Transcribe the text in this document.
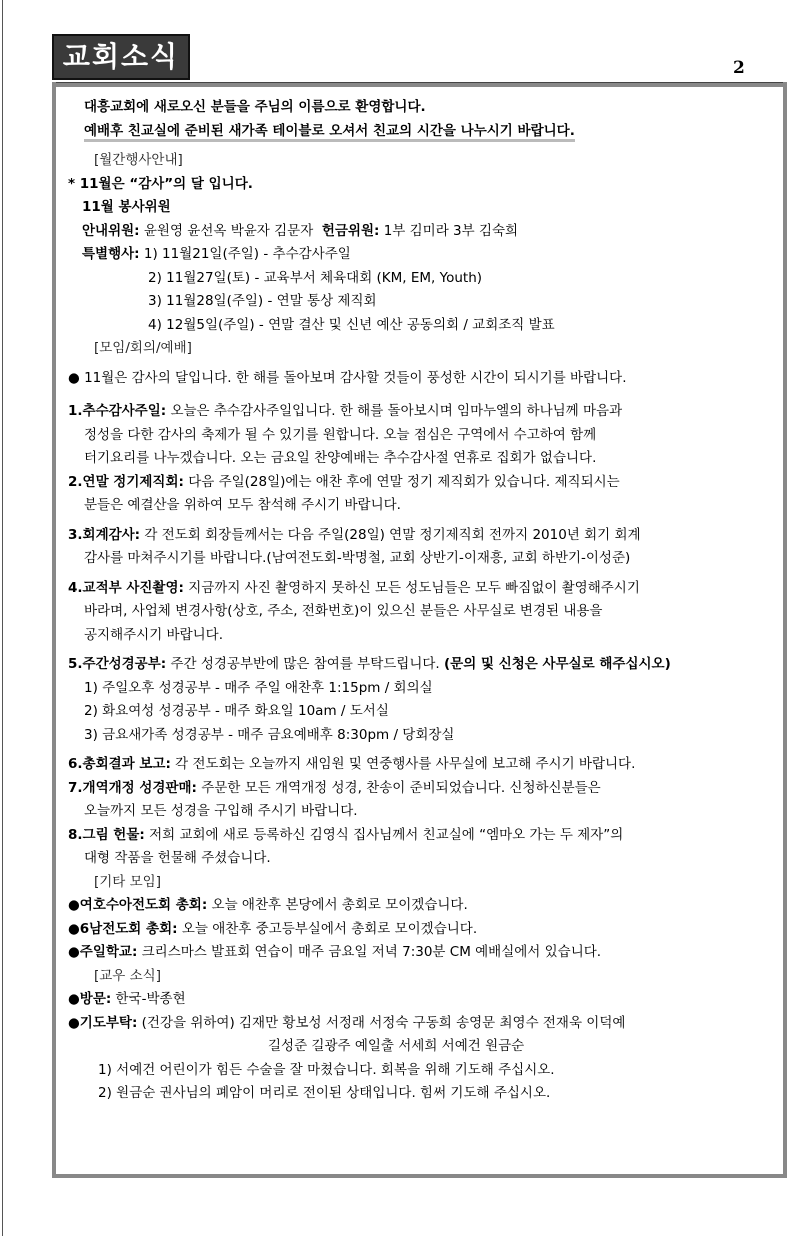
교회소식	2
대흥교회에 새로오신 분들을 주님의 이름으로 환영합니다.
예배후 친교실에 준비된 새가족 테이블로 오셔서 친교의 시간을 나누시기 바랍니다.
[월간행사안내]
* 11월은 “감사”의 달 입니다.
11월 봉사위원
안내위원: 윤원영 윤선옥 박윤자 김문자 헌금위원: 1부 김미라 3부 김숙희
특별행사: 1) 11월21일(주일) - 추수감사주일
2) 11월27일(토) - 교육부서 체육대회 (KM, EM, Youth)
3) 11월28일(주일) - 연말 통상 제직회
4) 12월5일(주일) - 연말 결산 및 신년 예산 공동의회 / 교회조직 발표
[모임/회의/예배]
● 11월은 감사의 달입니다. 한 해를 돌아보며 감사할 것들이 풍성한 시간이 되시기를 바랍니다.
1.추수감사주일: 오늘은 추수감사주일입니다. 한 해를 돌아보시며 임마누엘의 하나님께 마음과
정성을 다한 감사의 축제가 될 수 있기를 원합니다. 오늘 점심은 구역에서 수고하여 함께
터기요리를 나누겠습니다. 오는 금요일 찬양예배는 추수감사절 연휴로 집회가 없습니다.
2.연말 정기제직회: 다음 주일(28일)에는 애찬 후에 연말 정기 제직회가 있습니다. 제직되시는
분들은 예결산을 위하여 모두 참석해 주시기 바랍니다.
3.회계감사: 각 전도회 회장들께서는 다음 주일(28일) 연말 정기제직회 전까지 2010년 회기 회계
감사를 마쳐주시기를 바랍니다.(남여전도회-박명철, 교회 상반기-이재흥, 교회 하반기-이성준)
4.교적부 사진촬영: 지금까지 사진 촬영하지 못하신 모든 성도님들은 모두 빠짐없이 촬영해주시기
바라며, 사업체 변경사항(상호, 주소, 전화번호)이 있으신 분들은 사무실로 변경된 내용을
공지해주시기 바랍니다.
5.주간성경공부: 주간 성경공부반에 많은 참여를 부탁드립니다. (문의 및 신청은 사무실로 해주십시오)
1) 주일오후 성경공부 - 매주 주일 애찬후 1:15pm / 회의실
2) 화요여성 성경공부 - 매주 화요일 10am / 도서실
3) 금요새가족 성경공부 - 매주 금요예배후 8:30pm / 당회장실
6.총회결과 보고: 각 전도회는 오늘까지 새임원 및 연중행사를 사무실에 보고해 주시기 바랍니다.
7.개역개정 성경판매: 주문한 모든 개역개정 성경, 찬송이 준비되었습니다. 신청하신분들은
오늘까지 모든 성경을 구입해 주시기 바랍니다.
8.그림 헌물: 저희 교회에 새로 등록하신 김영식 집사님께서 친교실에 “엠마오 가는 두 제자”의
대형 작품을 헌물해 주셨습니다.
[기타 모임]
●여호수아전도회 총회: 오늘 애찬후 본당에서 총회로 모이겠습니다.
●6남전도회 총회: 오늘 애찬후 중고등부실에서 총회로 모이겠습니다.
●주일학교: 크리스마스 발표회 연습이 매주 금요일 저녁 7:30분 CM 예배실에서 있습니다.
[교우 소식]
●방문: 한국-박종현
●기도부탁: (건강을 위하여) 김재만 황보성 서정래 서정숙 구동희 송영문 최영수 전재욱 이덕예
길성준 길광주 예일출 서세희 서예건 원금순
1) 서예건 어린이가 힘든 수술을 잘 마쳤습니다. 회복을 위해 기도해 주십시오.
2) 원금순 권사님의 폐암이 머리로 전이된 상태입니다. 힘써 기도해 주십시오.
